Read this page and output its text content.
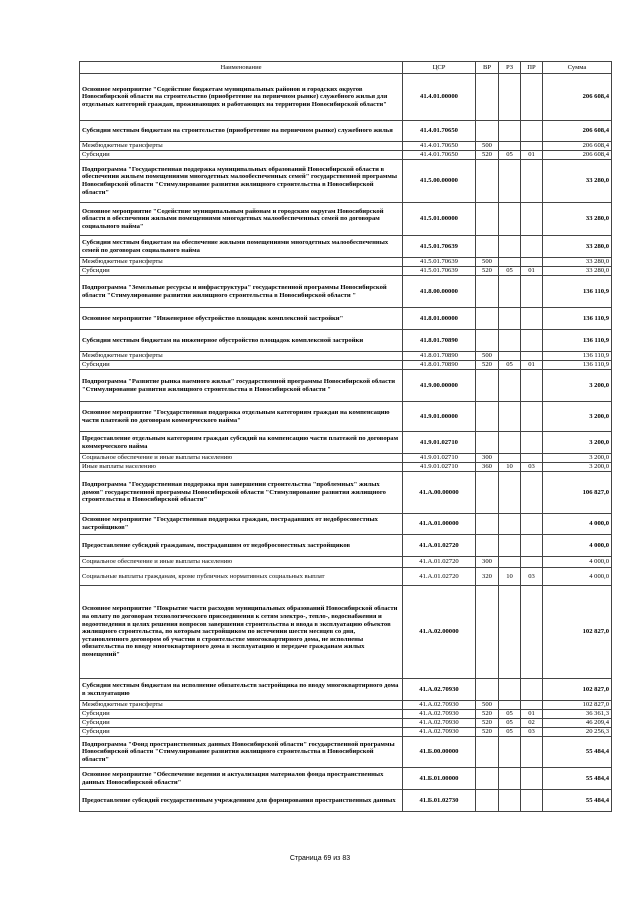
Наименование	ЦСР	ВР	РЗ	ПР	Сумма
Основное мероприятие "Содействие бюджетам муниципальных районов и городских округов Новосибирской области на строительство (приобретение на первичном рынке) служебного жилья для отдельных категорий граждан, проживающих и работающих на территории Новосибирской области"	41.4.01.00000				206 608,4
Субсидии местным бюджетам на строительство (приобретение на первичном рынке) служебного жилья	41.4.01.70650				206 608,4
Межбюджетные трансферты	41.4.01.70650	500			206 608,4
Субсидии	41.4.01.70650	520	05	01	206 608,4
Подпрограмма "Государственная поддержка муниципальных образований Новосибирской области в обеспечении жильем помещениями многодетных малообеспеченных семей" государственной программы Новосибирской области "Стимулирование развития жилищного строительства в Новосибирской области"	41.5.00.00000				33 280,0
Основное мероприятие "Содействие муниципальным районам и городским округам Новосибирской области в обеспечении жилыми помещениями многодетных малообеспеченных семей по договорам социального найма"	41.5.01.00000				33 280,0
Субсидии местным бюджетам на обеспечение жилыми помещениями многодетных малообеспеченных семей по договорам социального найма	41.5.01.70639				33 280,0
Межбюджетные трансферты	41.5.01.70639	500			33 280,0
Субсидии	41.5.01.70639	520	05	01	33 280,0
Подпрограмма "Земельные ресурсы и инфраструктура" государственной программы Новосибирской области "Стимулирование развития жилищного строительства в Новосибирской области "	41.8.00.00000				136 110,9
Основное мероприятие "Инженерное обустройство площадок комплексной застройки"	41.8.01.00000				136 110,9
Субсидии местным бюджетам на инженерное обустройство площадок комплексной застройки	41.8.01.70890				136 110,9
Межбюджетные трансферты	41.8.01.70890	500			136 110,9
Субсидии	41.8.01.70890	520	05	01	136 110,9
Подпрограмма "Развитие рынка наемного жилья" государственной программы Новосибирской области "Стимулирование развития жилищного строительства в Новосибирской области "	41.9.00.00000				3 200,0
Основное мероприятие "Государственная поддержка отдельным категориям граждан на компенсацию части платежей по договорам коммерческого найма"	41.9.01.00000				3 200,0
Предоставление отдельным категориям граждан субсидий на компенсацию части платежей по договорам коммерческого найма	41.9.01.02710				3 200,0
Социальное обеспечение и иные выплаты населению	41.9.01.02710	300			3 200,0
Иные выплаты населению	41.9.01.02710	360	10	03	3 200,0
Подпрограмма "Государственная поддержка при завершении строительства "проблемных" жилых домов" государственной программы Новосибирской области "Стимулирование развития жилищного строительства в Новосибирской области"	41.А.00.00000				106 827,0
Основное мероприятие "Государственная поддержка граждан, пострадавших от недобросовестных застройщиков"	41.А.01.00000				4 000,0
Предоставление субсидий гражданам, пострадавшим от недобросовестных застройщиков	41.А.01.02720				4 000,0
Социальное обеспечение и иные выплаты населению	41.А.01.02720	300			4 000,0
Социальные выплаты гражданам, кроме публичных нормативных социальных выплат	41.А.01.02720	320	10	03	4 000,0
Основное мероприятие "Покрытие части расходов муниципальных образований Новосибирской области на оплату по договорам технологического присоединения к сетям электро-, тепло-, водоснабжения и водоотведения в целях решения вопросов завершения строительства и ввода в эксплуатацию объектов жилищного строительства, по которым застройщиком по истечении шести месяцев со дня, установленного договором об участии в строительстве многоквартирного дома, не исполнены обязательства по вводу многоквартирного дома в эксплуатацию и передаче гражданам жилых помещений"	41.А.02.00000				102 827,0
Субсидии местным бюджетам на исполнение обязательств застройщика по вводу многоквартирного дома в эксплуатацию	41.А.02.70930				102 827,0
Межбюджетные трансферты	41.А.02.70930	500			102 827,0
Субсидии	41.А.02.70930	520	05	01	36 361,3
Субсидии	41.А.02.70930	520	05	02	46 209,4
Субсидии	41.А.02.70930	520	05	03	20 256,3
Подпрограмма "Фонд пространственных данных Новосибирской области" государственной программы Новосибирской области "Стимулирование развития жилищного строительства в Новосибирской области"	41.Б.00.00000				55 484,4
Основное мероприятие "Обеспечение ведения и актуализация материалов фонда пространственных данных Новосибирской области"	41.Б.01.00000				55 484,4
Предоставление субсидий государственным учреждениям для формирования пространственных данных	41.Б.01.02730				55 484,4
Страница 69 из 83
